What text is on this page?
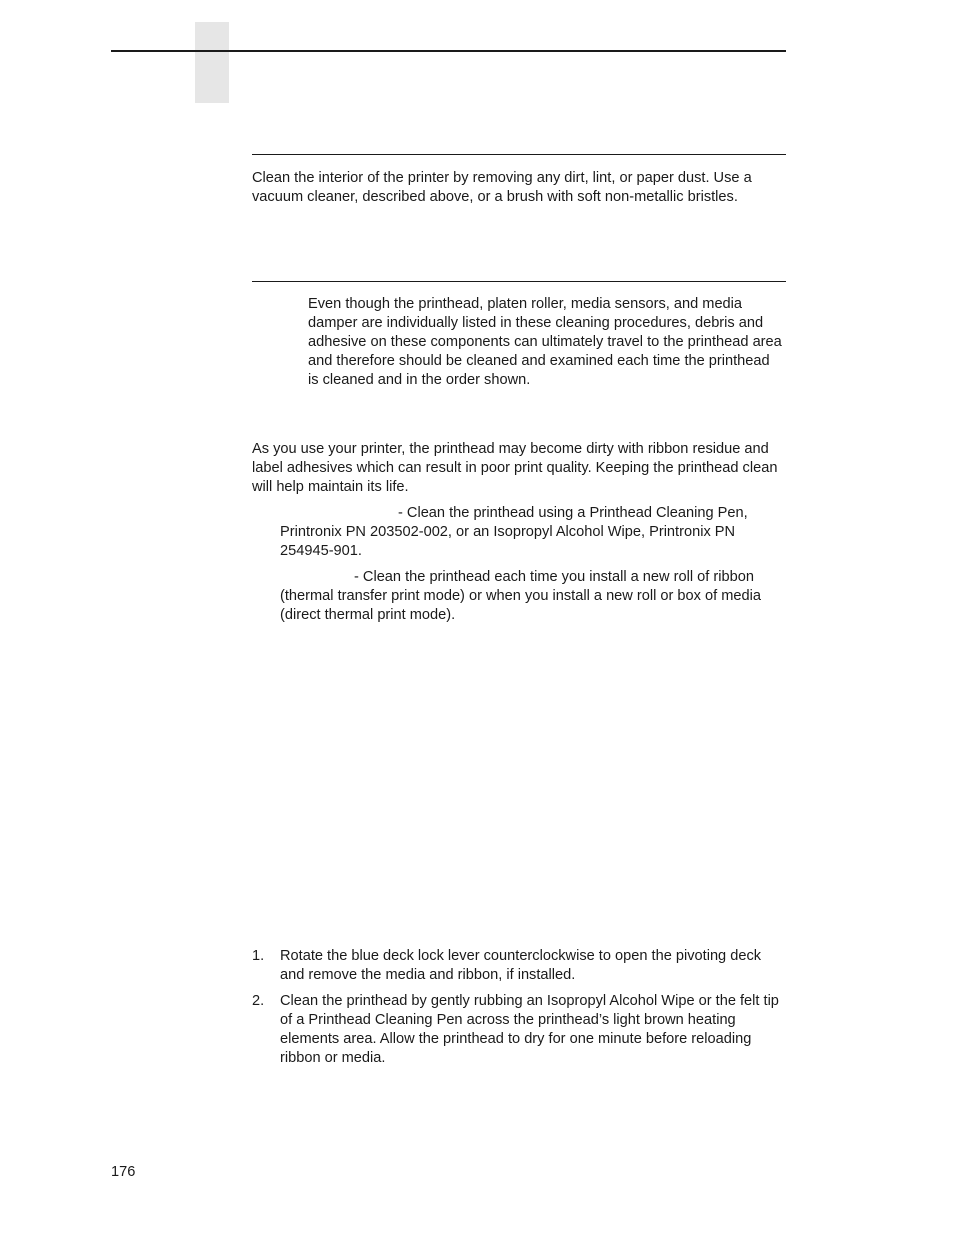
Clean the interior of the printer by removing any dirt, lint, or paper dust. Use a vacuum cleaner, described above, or a brush with soft non-metallic bristles.

Even though the printhead, platen roller, media sensors, and media damper are individually listed in these cleaning procedures, debris and adhesive on these components can ultimately travel to the printhead area and therefore should be cleaned and examined each time the printhead is cleaned and in the order shown.

As you use your printer, the printhead may become dirty with ribbon residue and label adhesives which can result in poor print quality. Keeping the printhead clean will help maintain its life.

- Clean the printhead using a Printhead Cleaning Pen, Printronix PN 203502-002, or an Isopropyl Alcohol Wipe, Printronix PN 254945-901.

- Clean the printhead each time you install a new roll of ribbon (thermal transfer print mode) or when you install a new roll or box of media (direct thermal print mode).

1. Rotate the blue deck lock lever counterclockwise to open the pivoting deck and remove the media and ribbon, if installed.
2. Clean the printhead by gently rubbing an Isopropyl Alcohol Wipe or the felt tip of a Printhead Cleaning Pen across the printhead’s light brown heating elements area. Allow the printhead to dry for one minute before reloading ribbon or media.
176
